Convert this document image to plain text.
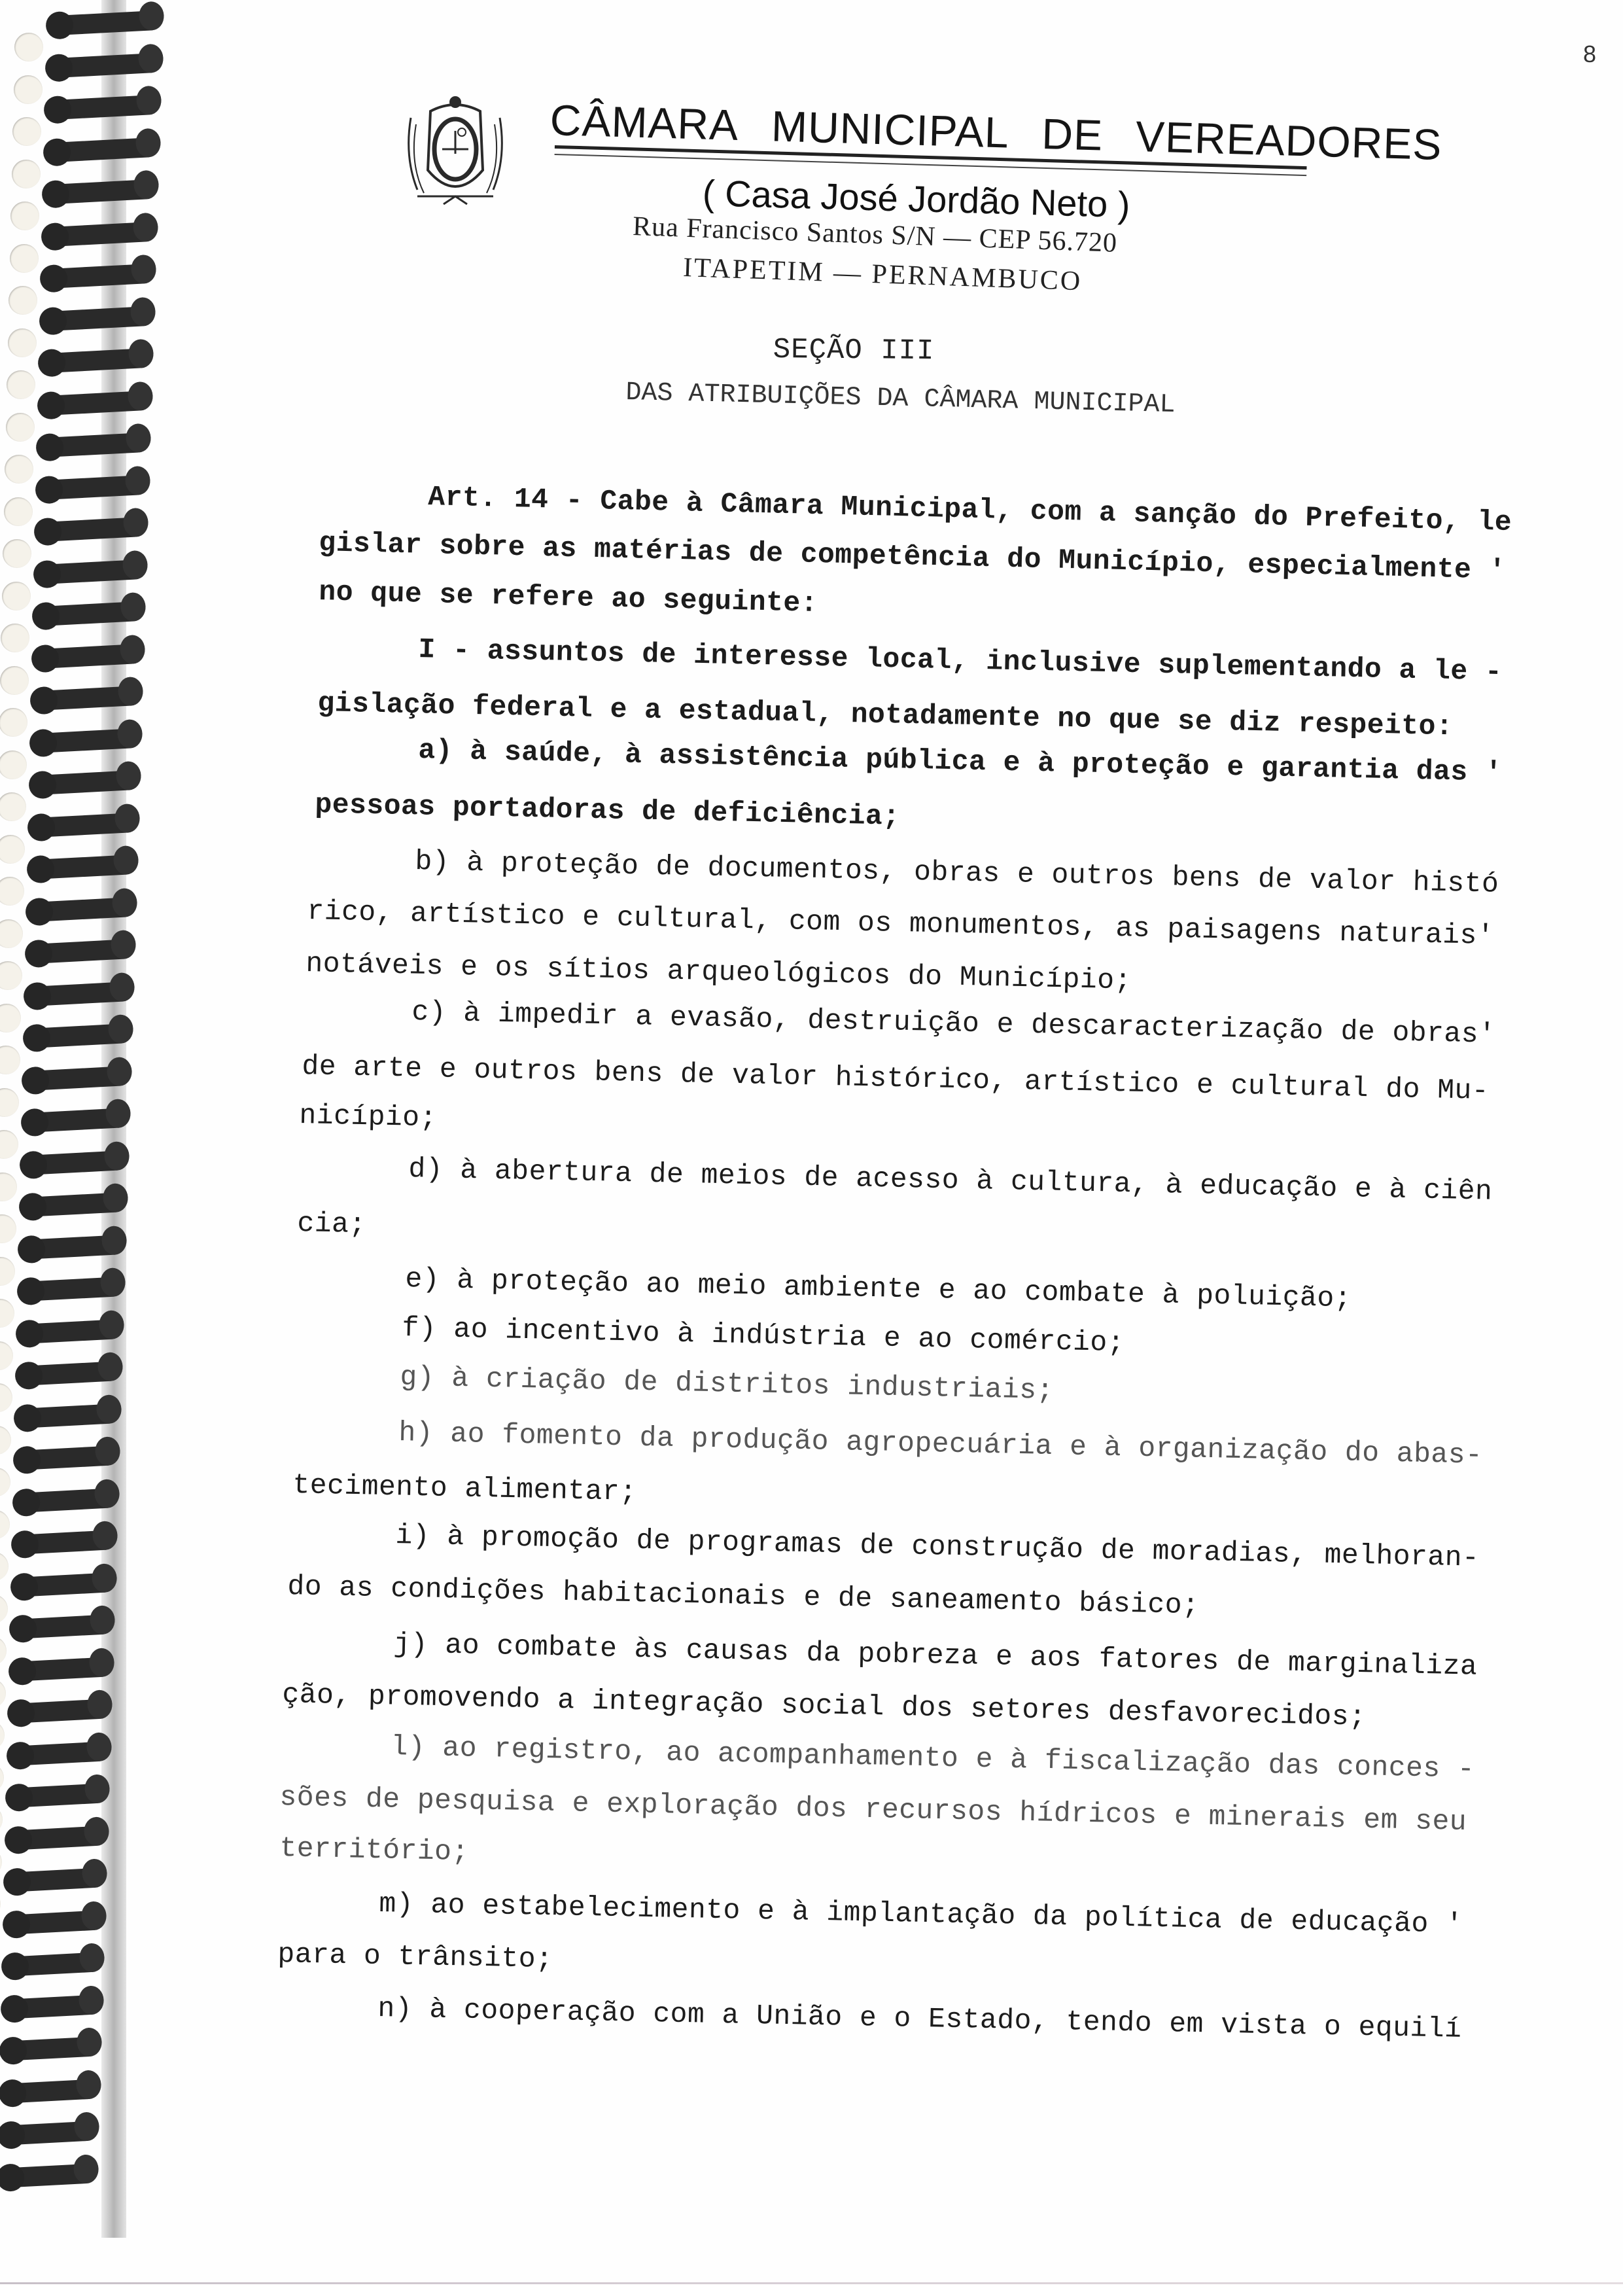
8
CÂMARA MUNICIPAL DE VEREADORES
( Casa José Jordão Neto )
Rua Francisco Santos S/N — CEP 56.720
ITAPETIM — PERNAMBUCO
SEÇÃO III
DAS ATRIBUIÇÕES DA CÂMARA MUNICIPAL
Art. 14 - Cabe à Câmara Municipal, com a sanção do Prefeito, le
gislar sobre as matérias de competência do Município, especialmente '
no que se refere ao seguinte:
I - assuntos de interesse local, inclusive suplementando a le -
gislação federal e a estadual, notadamente no que se diz respeito:
a) à saúde, à assistência pública e à proteção e garantia das '
pessoas portadoras de deficiência;
b) à proteção de documentos, obras e outros bens de valor histó
rico, artístico e cultural, com os monumentos, as paisagens naturais'
notáveis e os sítios arqueológicos do Município;
c) à impedir a evasão, destruição e descaracterização de obras'
de arte e outros bens de valor histórico, artístico e cultural do Mu-
nicípio;
d) à abertura de meios de acesso à cultura, à educação e à ciên
cia;
e) à proteção ao meio ambiente e ao combate à poluição;
f) ao incentivo à indústria e ao comércio;
g) à criação de distritos industriais;
h) ao fomento da produção agropecuária e à organização do abas-
tecimento alimentar;
i) à promoção de programas de construção de moradias, melhoran-
do as condições habitacionais e de saneamento básico;
j) ao combate às causas da pobreza e aos fatores de marginaliza
ção, promovendo a integração social dos setores desfavorecidos;
l) ao registro, ao acompanhamento e à fiscalização das conces -
sões de pesquisa e exploração dos recursos hídricos e minerais em seu
território;
m) ao estabelecimento e à implantação da política de educação '
para o trânsito;
n) à cooperação com a União e o Estado, tendo em vista o equilí
